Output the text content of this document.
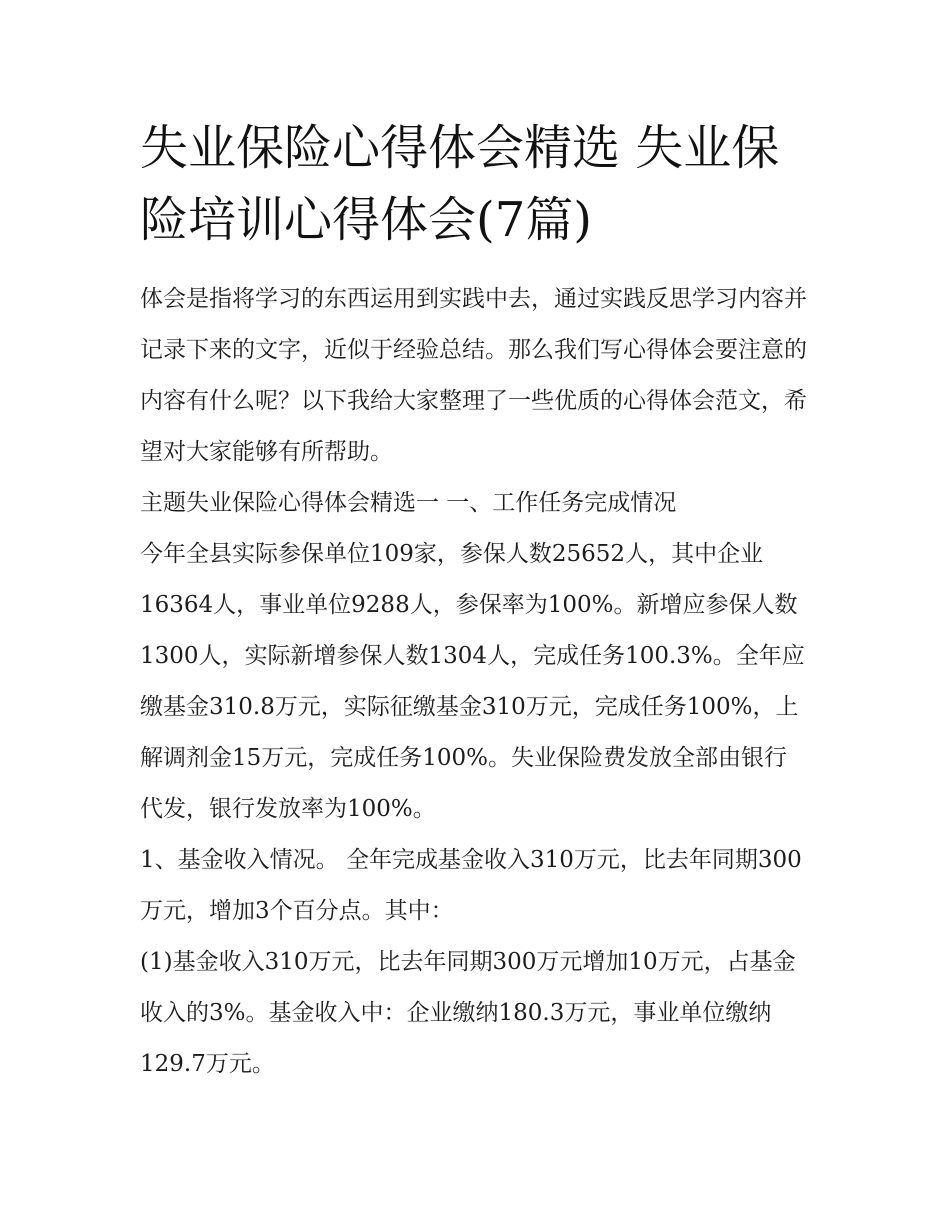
失业保险心得体会精选 失业保险培训心得体会(7篇)

体会是指将学习的东西运用到实践中去，通过实践反思学习内容并记录下来的文字，近似于经验总结。那么我们写心得体会要注意的内容有什么呢？以下我给大家整理了一些优质的心得体会范文，希望对大家能够有所帮助。

主题失业保险心得体会精选一 一、工作任务完成情况

今年全县实际参保单位109家，参保人数25652人，其中企业16364人，事业单位9288人，参保率为100%。新增应参保人数1300人，实际新增参保人数1304人，完成任务100.3%。全年应缴基金310.8万元，实际征缴基金310万元，完成任务100%，上解调剂金15万元，完成任务100%。失业保险费发放全部由银行代发，银行发放率为100%。

1、基金收入情况。 全年完成基金收入310万元，比去年同期300万元，增加3个百分点。其中：

(1)基金收入310万元，比去年同期300万元增加10万元，占基金收入的3%。基金收入中：企业缴纳180.3万元，事业单位缴纳129.7万元。
